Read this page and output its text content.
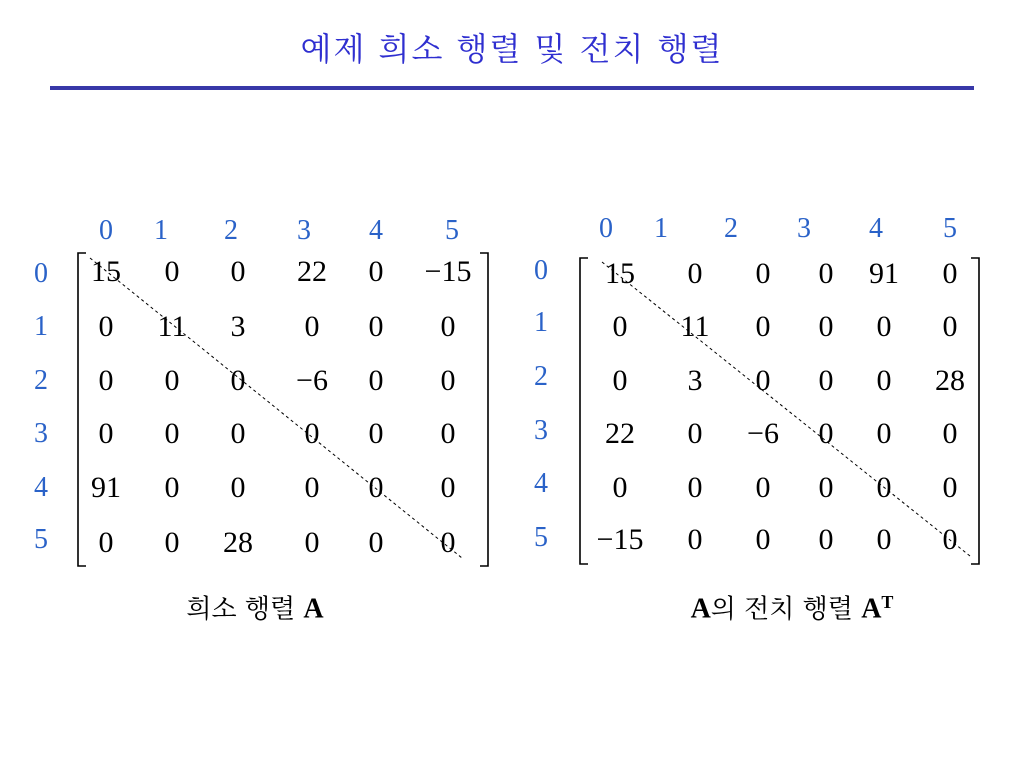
예제 희소 행렬 및 전치 행렬
0 1 2 3 4 5
0
1
2
3
4
5
15 0 0 22 0 −15
0 11 3 0 0 0
0 0 0 −6 0 0
0 0 0 0 0 0
91 0 0 0 0 0
0 0 28 0 0 0
0 1 2 3 4 5
0
1
2
3
4
5
15 0 0 0 91 0
0 11 0 0 0 0
0 3 0 0 0 28
22 0 −6 0 0 0
0 0 0 0 0 0
−15 0 0 0 0 0
희소 행렬 A	A의 전치 행렬 $A^T$
